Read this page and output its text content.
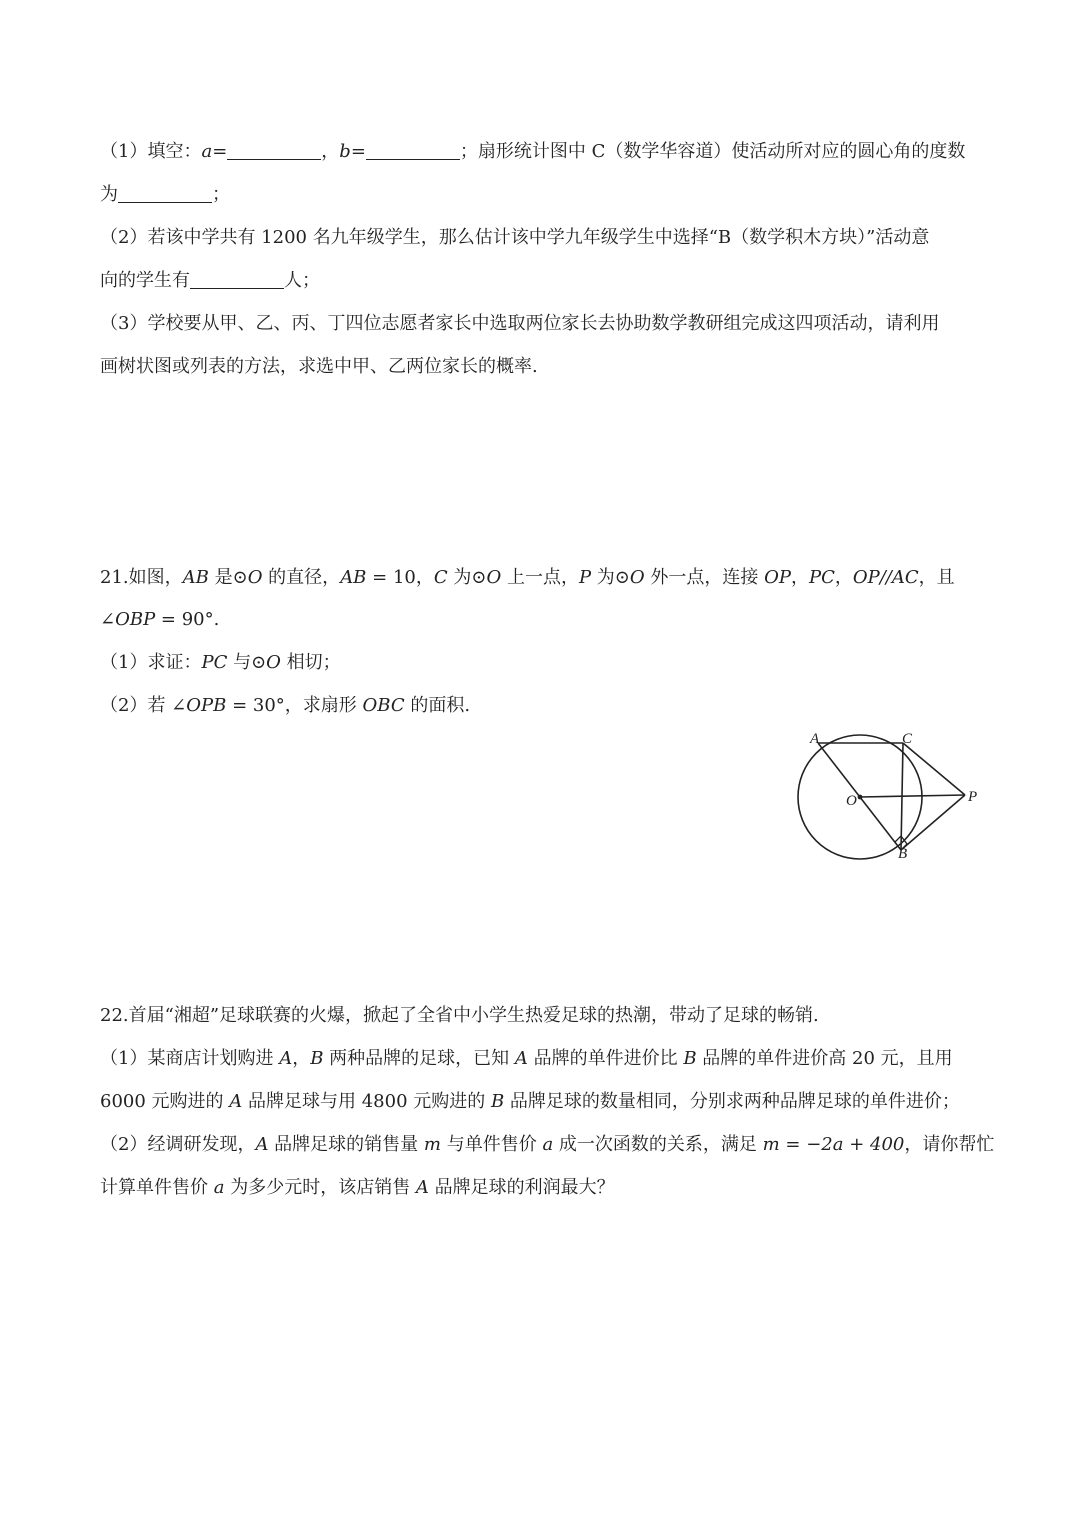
（1）填空：a=	，b=	；扇形统计图中 C（数学华容道）使活动所对应的圆心角的度数
为	；
（2）若该中学共有 1200 名九年级学生，那么估计该中学九年级学生中选择“B（数学积木方块）”活动意
向的学生有	人；
（3）学校要从甲、乙、丙、丁四位志愿者家长中选取两位家长去协助数学教研组完成这四项活动，请利用
画树状图或列表的方法，求选中甲、乙两位家长的概率.
21.如图，AB 是⊙O 的直径，AB = 10，C 为⊙O 上一点，P 为⊙O 外一点，连接 OP，PC，OP//AC，且
∠OBP = 90°.
（1）求证：PC 与⊙O 相切；
（2）若 ∠OPB = 30°，求扇形 OBC 的面积.
A	C
O	P
B
22.首届“湘超”足球联赛的火爆，掀起了全省中小学生热爱足球的热潮，带动了足球的畅销.
（1）某商店计划购进 A，B 两种品牌的足球，已知 A 品牌的单件进价比 B 品牌的单件进价高 20 元，且用
6000 元购进的 A 品牌足球与用 4800 元购进的 B 品牌足球的数量相同，分别求两种品牌足球的单件进价；
（2）经调研发现，A 品牌足球的销售量 m 与单件售价 a 成一次函数的关系，满足 m = −2a + 400，请你帮忙
计算单件售价 a 为多少元时，该店销售 A 品牌足球的利润最大？
